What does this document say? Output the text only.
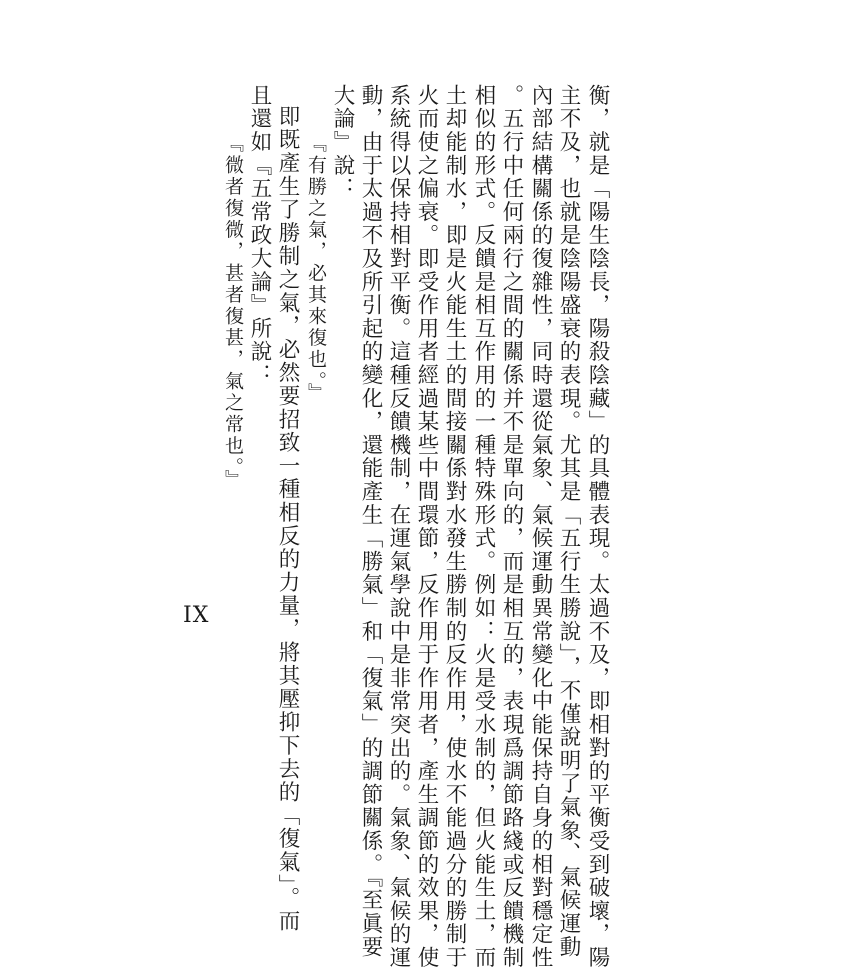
衡，就是「陽生陰長，陽殺陰藏」的具體表現。太過不及，即相對的平衡受到破壞，陽
主不及，也就是陰陽盛衰的表現。尤其是「五行生勝說」，不僅說明了氣象、氣候運動
內部結構關係的復雜性，同時還從氣象、氣候運動異常變化中能保持自身的相對穩定性
。五行中任何兩行之間的關係并不是單向的，而是相互的，表現爲調節路綫或反饋機制
相似的形式。反饋是相互作用的一種特殊形式。例如：火是受水制的，但火能生土，而
土却能制水，即是火能生土的間接關係對水發生勝制的反作用，使水不能過分的勝制于
火而使之偏衰。即受作用者經過某些中間環節，反作用于作用者，產生調節的效果，使
系統得以保持相對平衡。這種反饋機制，在運氣學說中是非常突出的。氣象、氣候的運
動，由于太過不及所引起的變化，還能產生「勝氣」和「復氣」的調節關係。『至眞要
大論』說：
『有勝之氣，必其來復也。』
即既產生了勝制之氣，必然要招致一種相反的力量，將其壓抑下去的「復氣」。而
且還如『五常政大論』所說：
『微者復微，甚者復甚，氣之常也。』
IX
